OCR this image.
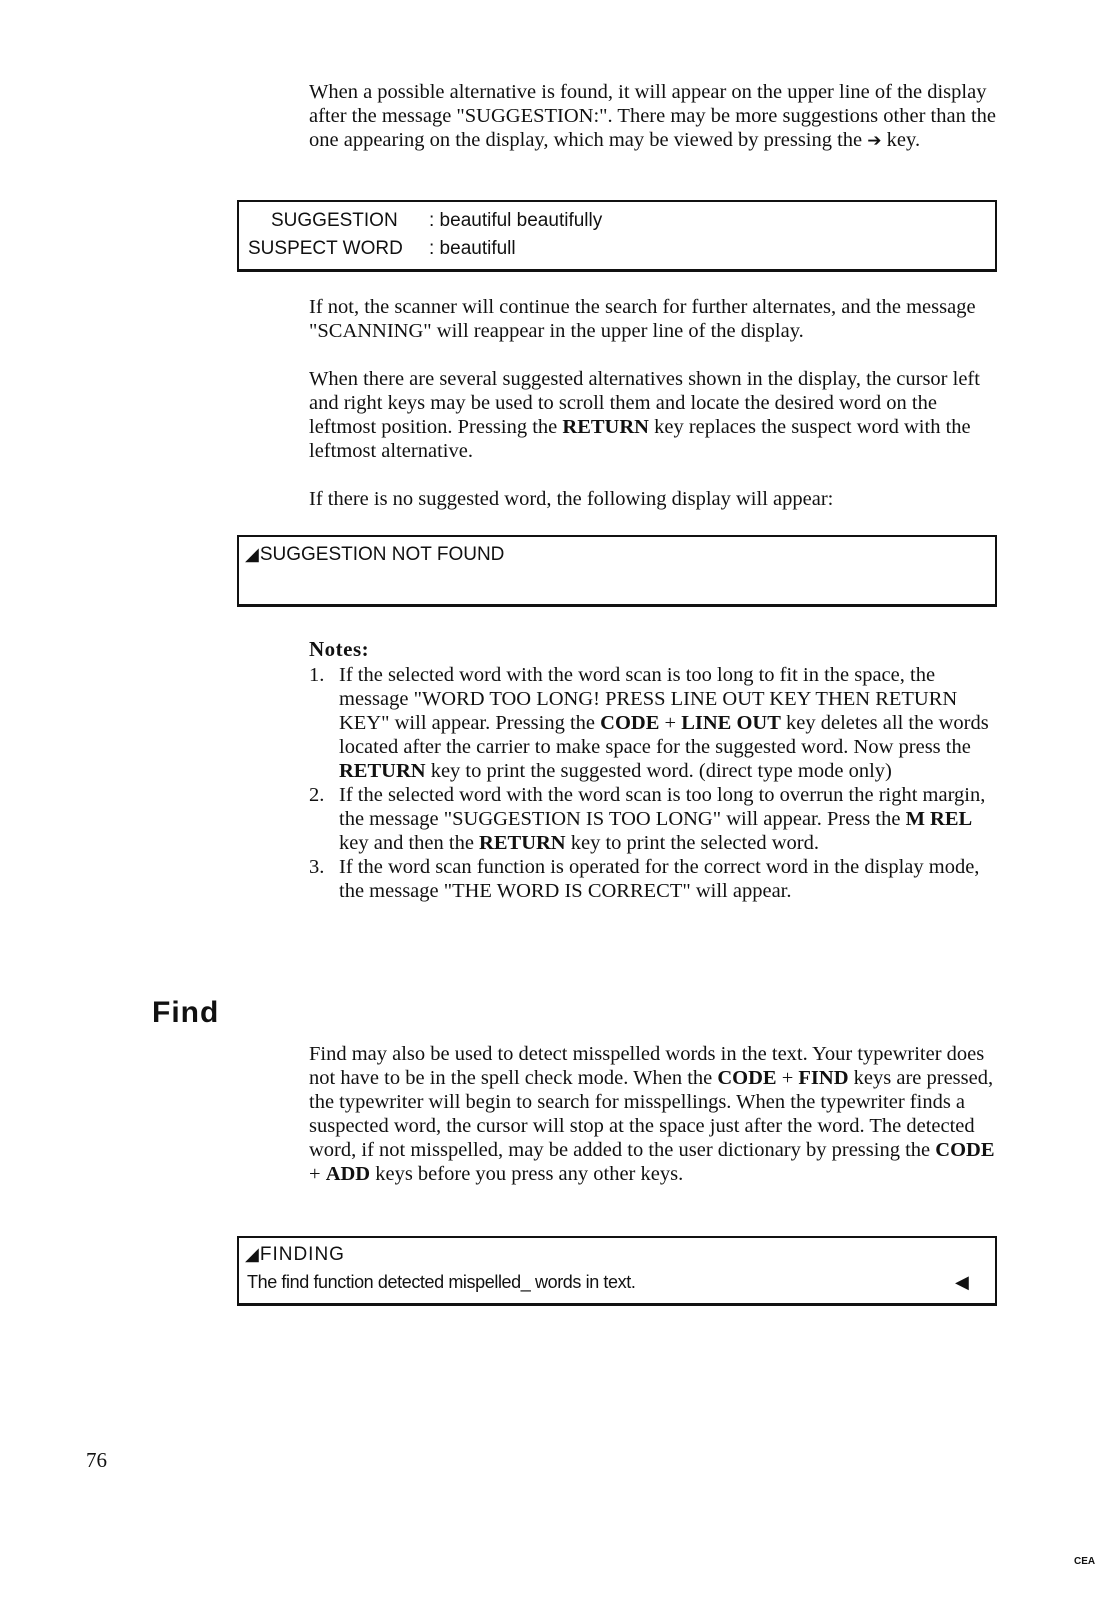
When a possible alternative is found, it will appear on the upper line of the display after the message "SUGGESTION:". There may be more suggestions other than the one appearing on the display, which may be viewed by pressing the ➔ key.

SUGGESTION : beautiful beautifully
SUSPECT WORD : beautifull

If not, the scanner will continue the search for further alternates, and the message "SCANNING" will reappear in the upper line of the display.

When there are several suggested alternatives shown in the display, the cursor left and right keys may be used to scroll them and locate the desired word on the leftmost position. Pressing the RETURN key replaces the suspect word with the leftmost alternative.

If there is no suggested word, the following display will appear:

◢SUGGESTION NOT FOUND

Notes:

1. If the selected word with the word scan is too long to fit in the space, the message "WORD TOO LONG! PRESS LINE OUT KEY THEN RETURN KEY" will appear. Pressing the CODE + LINE OUT key deletes all the words located after the carrier to make space for the suggested word. Now press the RETURN key to print the suggested word. (direct type mode only)
2. If the selected word with the word scan is too long to overrun the right margin, the message "SUGGESTION IS TOO LONG" will appear. Press the M REL key and then the RETURN key to print the selected word.
3. If the word scan function is operated for the correct word in the display mode, the message "THE WORD IS CORRECT" will appear.
Find

Find may also be used to detect misspelled words in the text. Your typewriter does not have to be in the spell check mode. When the CODE + FIND keys are pressed, the typewriter will begin to search for misspellings. When the typewriter finds a suspected word, the cursor will stop at the space just after the word. The detected word, if not misspelled, may be added to the user dictionary by pressing the CODE + ADD keys before you press any other keys.

◢FINDING
The find function detected mispelled_ words in text.	◀
76
CEA
